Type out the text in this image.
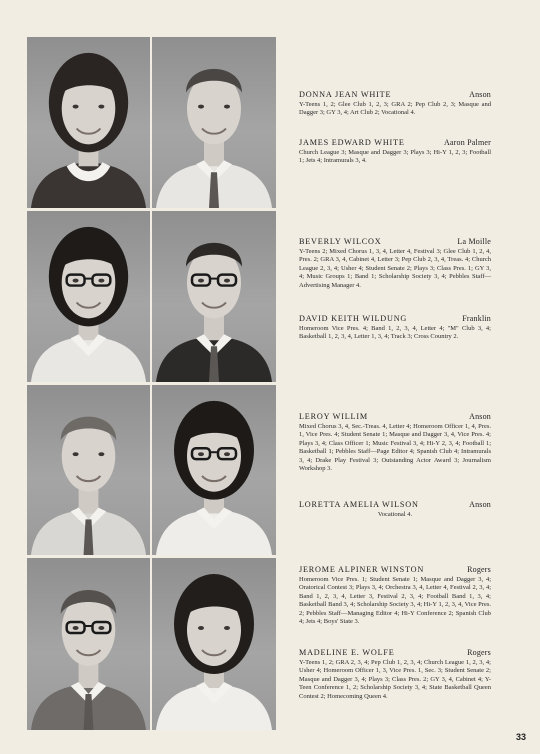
DONNA JEAN WHITE	Anson
Y-Teens 1, 2; Glee Club 1, 2, 3; GRA 2; Pep Club 2, 3; Masque and Dagger 3; GY 3, 4; Art Club 2; Vocational 4.
JAMES EDWARD WHITE	Aaron Palmer
Church League 3; Masque and Dagger 3; Plays 3; Hi-Y 1, 2, 3; Football 1; Jets 4; Intramurals 3, 4.
BEVERLY WILCOX	La Moille
Y-Teens 2; Mixed Chorus 1, 3, 4, Letter 4, Festival 3; Glee Club 1, 2, 4, Pres. 2; GRA 3, 4, Cabinet 4, Letter 3; Pep Club 2, 3, 4, Treas. 4; Church League 2, 3, 4; Usher 4; Student Senate 2; Plays 3; Class Pres. 1; GY 3, 4; Music Groups 1; Band 1; Scholarship Society 3, 4; Pebbles Staff—Advertising Manager 4.
DAVID KEITH WILDUNG	Franklin
Homeroom Vice Pres. 4; Band 1, 2, 3, 4, Letter 4; "M" Club 3, 4; Basketball 1, 2, 3, 4, Letter 1, 3, 4; Track 3; Cross Country 2.
LEROY WILLIM	Anson
Mixed Chorus 3, 4, Sec.-Treas. 4, Letter 4; Homeroom Officer 1, 4, Pres. 1, Vice Pres. 4; Student Senate 1; Masque and Dagger 3, 4, Vice Pres. 4; Plays 3, 4; Class Officer 1; Music Festival 3, 4; Hi-Y 2, 3, 4; Football 1; Basketball 1; Pebbles Staff—Page Editor 4; Spanish Club 4; Intramurals 3, 4; Drake Play Festival 3; Outstanding Actor Award 3; Journalism Workshop 3.
LORETTA AMELIA WILSON	Anson
Vocational 4.
JEROME ALPINER WINSTON	Rogers
Homeroom Vice Pres. 1; Student Senate 1; Masque and Dagger 3, 4; Oratorical Contest 3; Plays 3, 4; Orchestra 3, 4, Letter 4, Festival 2, 3, 4; Band 1, 2, 3, 4, Letter 3, Festival 2, 3, 4; Football Band 1, 3, 4; Basketball Band 3, 4; Scholarship Society 3, 4; Hi-Y 1, 2, 3, 4, Vice Pres. 2; Pebbles Staff—Managing Editor 4; Hi-Y Conference 2; Spanish Club 4; Jets 4; Boys' State 3.
MADELINE E. WOLFE	Rogers
Y-Teens 1, 2; GRA 2, 3, 4; Pep Club 1, 2, 3, 4; Church League 1, 2, 3, 4; Usher 4; Homeroom Officer 1, 3, Vice Pres. 1, Sec. 3; Student Senate 2; Masque and Dagger 3, 4; Plays 3; Class Pres. 2; GY 3, 4, Cabinet 4; Y-Teen Conference 1, 2; Scholarship Society 3, 4; State Basketball Queen Contest 2; Homecoming Queen 4.
33
